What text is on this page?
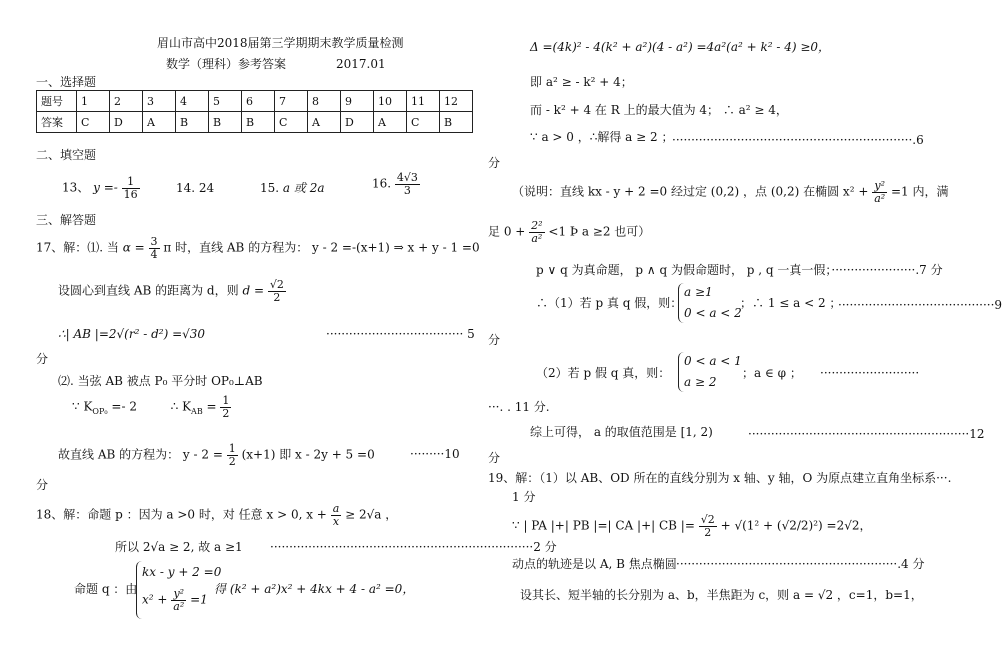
眉山市高中2018届第三学期期末教学质量检测
数学（理科）参考答案	2017.01
一、选择题
题号	1	2	3	4	5	6	7	8	9	10	11	12
答案	C	D	A	B	B	B	C	A	D	A	C	B
二、填空题
13、 $y =- \frac{1}{16}$	14. 24	15. a 或 2a	16. $\frac{4√3}{3}$
三、解答题
17、解：⑴. 当 $\alpha = \frac{3}{4}$ π 时，直线 AB 的方程为： y - 2 =-(x+1) ⇒ x + y - 1 =0
设圆心到直线 AB 的距离为 d，则 $d = \frac{√2}{2}$
∴| AB |=2√(r² - d²) =√30	···································· 5
分
⑵. 当弦 AB 被点 P₀ 平分时 OP₀⊥AB
∵ $K_{OP_0} =- 2$	∴ $K_{AB} = \frac{1}{2}$
故直线 AB 的方程为： $y - 2 = \frac{1}{2} (x+1)$ 即 x - 2y + 5 =0	·········10
分
18、解：命题 p ：因为 a >0 时，对 任意 x > 0, $x + \frac{a}{x} \ge 2√a$ ，
所以 2√a ≥ 2, 故 a ≥1 ·····································································2 分
命题 q ：由
kx - y + 2 =0
$x^2 + \frac{\text{y²}}{\text{a²}} =1$
得 (k² + a²)x² + 4kx + 4 - a² =0，
Δ =(4k)² - 4(k² + a²)(4 - a²) =4a²(a² + k² - 4) ≥0，
即 a² ≥ - k² + 4；
而 - k² + 4 在 R 上的最大值为 4； ∴ a² ≥ 4，
∵ a > 0 ，∴解得 a ≥ 2 ；
·······························································.6
分
（说明：直线 kx - y + 2 =0 经过定 (0,2) ，点 (0,2) 在椭圆 $x^2 + \frac{\text{y²}}{\text{a²}} =1$ 内，满
足 $0 + \frac{\text{2²}}{\text{a²}} <1$ Þ a ≥2 也可）
p ∨ q 为真命题， p ∧ q 为假命题时， p , q 一真一假；······················.7 分
∴（1）若 p 真 q 假，则：
a ≥1
0 < a < 2
；∴ 1 ≤ a < 2 ；
·········································9
分
（2）若 p 假 q 真，则：
0 < a < 1
a ≥ 2
；a ∈ φ ； ··························
···. . 11 分.
综上可得， a 的取值范围是 [1, 2)	··························································12
分
19、解：（1）以 AB、OD 所在的直线分别为 x 轴、y 轴，O 为原点建立直角坐标系···.
1 分
∵ | PA |+| PB |=| CA |+| CB |= $\frac{√2}{2} + √(1^2 + (√2/2)^2) =2√2$，
动点的轨迹是以 A, B 焦点椭圆 ··························································.4 分
设其长、短半轴的长分别为 a、b，半焦距为 c，则 a = √2 ，c=1，b=1，
